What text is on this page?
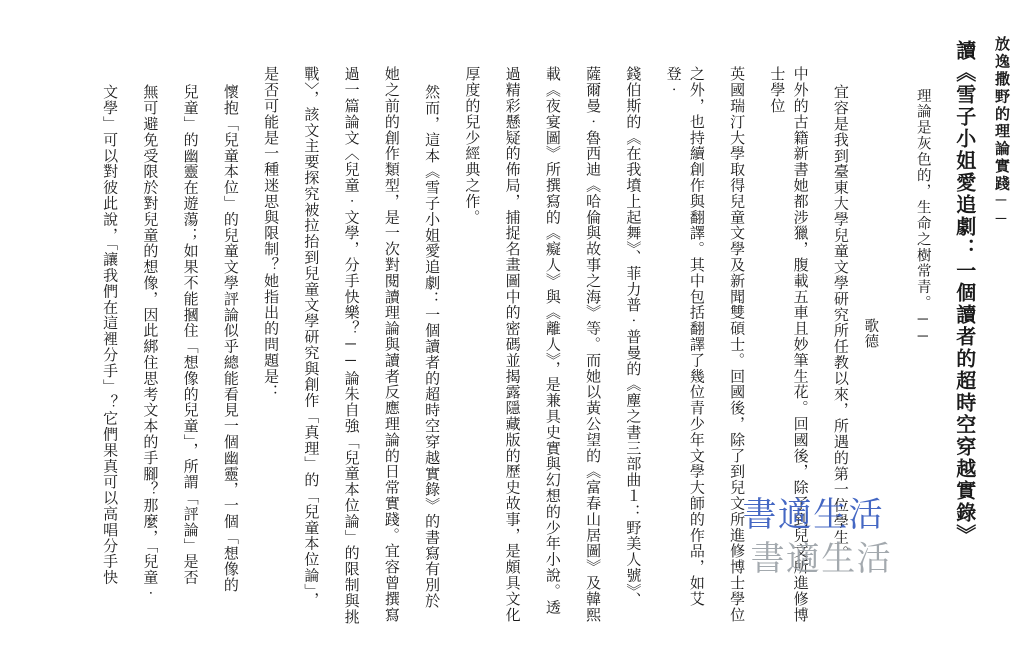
放逸撒野的理論實踐──
讀《雪子小姐愛追劇：一個讀者的超時空穿越實錄》
理論是灰色的，生命之樹常青。──
歌德
宜容是我到臺東大學兒童文學研究所任教以來，所遇的第一位學生。
中外的古籍新書她都涉獵，腹載五車且妙筆生花。回國後，除了到兒文所進修博士學位
英國瑞汀大學取得兒童文學及新聞雙碩士。回國後，除了到兒文所進修博士學位
之外，也持續創作與翻譯。其中包括翻譯了幾位青少年文學大師的作品，如艾登‧
錢伯斯的《在我墳上起舞》、菲力普‧普曼的《塵之書三部曲１：野美人號》、
薩爾曼‧魯西迪《哈倫與故事之海》等。而她以黃公望的《富春山居圖》及韓熙
載《夜宴圖》所撰寫的《癡人》與《離人》，是兼具史實與幻想的少年小說。透
過精彩懸疑的佈局，捕捉名畫圖中的密碼並揭露隱藏版的歷史故事，是頗具文化
厚度的兒少經典之作。
然而，這本《雪子小姐愛追劇：一個讀者的超時空穿越實錄》的書寫有別於
她之前的創作類型，是一次對閱讀理論與讀者反應理論的日常實踐。宜容曾撰寫
過一篇論文〈兒童‧文學，分手快樂？──論朱自強「兒童本位論」的限制與挑
戰〉，該文主要探究被拉抬到兒童文學研究與創作「真理」的「兒童本位論」，
是否可能是一種迷思與限制？她指出的問題是：
懷抱「兒童本位」的兒童文學評論似乎總能看見一個幽靈，一個「想像的
兒童」的幽靈在遊蕩；如果不能摑住「想像的兒童」，所謂「評論」是否
無可避免受限於對兒童的想像，因此綁住思考文本的手腳？那麼，「兒童‧
文學」可以對彼此說，「讓我們在這裡分手」？它們果真可以高唱分手快	書適生活
書適生活
